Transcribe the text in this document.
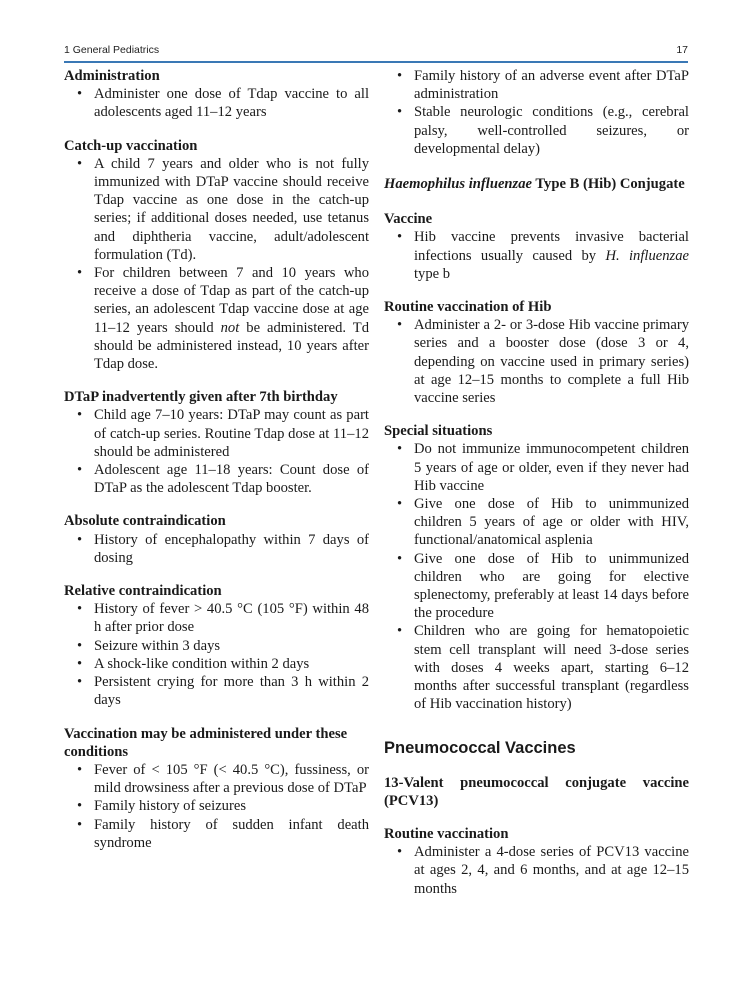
1 General Pediatrics	17

Administration

• Administer one dose of Tdap vaccine to all adolescents aged 11–12 years

Catch-up vaccination

• A child 7 years and older who is not fully immunized with DTaP vaccine should receive Tdap vaccine as one dose in the catch-up series; if additional doses needed, use tetanus and diphtheria vaccine, adult/adolescent formulation (Td).
• For children between 7 and 10 years who receive a dose of Tdap as part of the catch-up series, an adolescent Tdap vaccine dose at age 11–12 years should not be administered. Td should be administered instead, 10 years after Tdap dose.

DTaP inadvertently given after 7th birthday

• Child age 7–10 years: DTaP may count as part of catch-up series. Routine Tdap dose at 11–12 should be administered
• Adolescent age 11–18 years: Count dose of DTaP as the adolescent Tdap booster.

Absolute contraindication

• History of encephalopathy within 7 days of dosing

Relative contraindication

• History of fever > 40.5 °C (105 °F) within 48 h after prior dose
• Seizure within 3 days
• A shock-like condition within 2 days
• Persistent crying for more than 3 h within 2 days

Vaccination may be administered under these conditions

• Fever of < 105 °F (< 40.5 °C), fussiness, or mild drowsiness after a previous dose of DTaP
• Family history of seizures
• Family history of sudden infant death syndrome
• Family history of an adverse event after DTaP administration
• Stable neurologic conditions (e.g., cerebral palsy, well-controlled seizures, or developmental delay)

Haemophilus influenzae Type B (Hib) Conjugate

Vaccine

• Hib vaccine prevents invasive bacterial infections usually caused by H. influenzae type b

Routine vaccination of Hib

• Administer a 2- or 3-dose Hib vaccine primary series and a booster dose (dose 3 or 4, depending on vaccine used in primary series) at age 12–15 months to complete a full Hib vaccine series

Special situations

• Do not immunize immunocompetent children 5 years of age or older, even if they never had Hib vaccine
• Give one dose of Hib to unimmunized children 5 years of age or older with HIV, functional/anatomical asplenia
• Give one dose of Hib to unimmunized children who are going for elective splenectomy, preferably at least 14 days before the procedure
• Children who are going for hematopoietic stem cell transplant will need 3-dose series with doses 4 weeks apart, starting 6–12 months after successful transplant (regardless of Hib vaccination history)

Pneumococcal Vaccines

13-Valent pneumococcal conjugate vaccine (PCV13)

Routine vaccination

• Administer a 4-dose series of PCV13 vaccine at ages 2, 4, and 6 months, and at age 12–15 months
